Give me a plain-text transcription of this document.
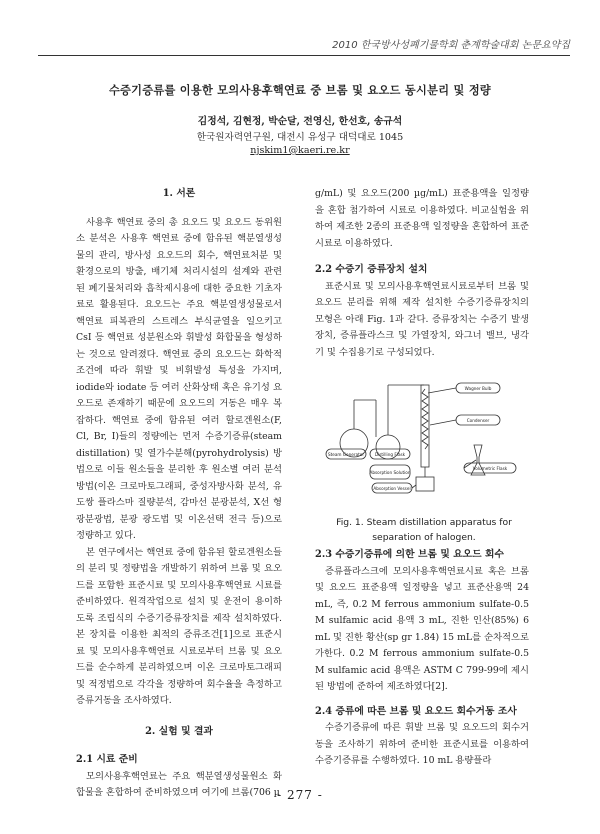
2010 한국방사성폐기물학회 춘계학술대회 논문요약집
수증기증류를 이용한 모의사용후핵연료 중 브롬 및 요오드 동시분리 및 정량
김정석, 김현정, 박순달, 전영신, 한선호, 송규석
한국원자력연구원, 대전시 유성구 대덕대로 1045
njskim1@kaeri.re.kr
1. 서론

사용후 핵연료 중의 총 요오드 및 요오드 동위원소 분석은 사용후 핵연료 중에 함유된 핵분열생성물의 관리, 방사성 요오드의 회수, 핵연료처분 및 환경으로의 방출, 배기체 처리시설의 설계와 관련된 폐기물처리와 흡착제시용에 대한 중요한 기초자료로 활용된다. 요오드는 주요 핵분열생성물로서 핵연료 피복관의 스트레스 부식균열을 일으키고 CsI 등 핵연료 성분원소와 휘발성 화합물을 형성하는 것으로 알려졌다. 핵연료 중의 요오드는 화학적 조건에 따라 휘발 및 비휘발성 특성을 가지며, iodide와 iodate 등 여러 산화상태 혹은 유기성 요오드로 존재하기 때문에 요오드의 거동은 매우 복잡하다. 핵연료 중에 함유된 여러 할로겐원소(F, Cl, Br, I)들의 정량에는 먼저 수증기증류(steam distillation) 및 열가수분해(pyrohydrolysis) 방법으로 이들 원소들을 분리한 후 원소별 여러 분석방법(이온 크로마토그래피, 중성자방사화 분석, 유도쌍 플라스마 질량분석, 감마선 분광분석, X선 형광분광법, 분광 광도법 및 이온선택 전극 등)으로 정량하고 있다.

본 연구에서는 핵연료 중에 함유된 할로겐원소들의 분리 및 정량법을 개발하기 위하여 브롬 및 요오드를 포함한 표준시료 및 모의사용후핵연료 시료를 준비하였다. 원격작업으로 설치 및 운전이 용이하도록 조립식의 수증기증류장치를 제작 설치하였다. 본 장치를 이용한 최적의 증류조건[1]으로 표준시료 및 모의사용후핵연료 시료로부터 브롬 및 요오드를 순수하게 분리하였으며 이온 크로마토그래피 및 적정법으로 각각을 정량하여 회수율을 측정하고 증류거동을 조사하였다.

2. 실험 및 결과
2.1 시료 준비

모의사용후핵연료는 주요 핵분열생성물원소 화합물을 혼합하여 준비하였으며 여기에 브롬(706 µ

g/mL) 및 요오드(200 µg/mL) 표준용액을 일정량을 혼합 첨가하여 시료로 이용하였다. 비교실험을 위하여 제조한 2종의 표준용액 일정량을 혼합하여 표준시료로 이용하였다.

2.2 수증기 증류장치 설치

표준시료 및 모의사용후핵연료시료로부터 브롬 및 요오드 분리를 위해 제작 설치한 수증기증류장치의 모형은 아래 Fig. 1과 같다. 증류장치는 수증기 발생장치, 증류플라스크 및 가열장치, 와그너 밸브, 냉각기 및 수집용기로 구성되었다.

2.3 수증기증류에 의한 브롬 및 요오드 회수

증류플라스크에 모의사용후핵연료시료 혹은 브롬 및 요오드 표준용액 일정량을 넣고 표준산용액 24 mL, 즉, 0.2 M ferrous ammonium sulfate-0.5 M sulfamic acid 용액 3 mL, 진한 인산(85%) 6 mL 및 진한 황산(sp gr 1.84) 15 mL를 순차적으로 가한다. 0.2 M ferrous ammonium sulfate-0.5 M sulfamic acid 용액은 ASTM C 799-99에 제시된 방법에 준하여 제조하였다[2].

2.4 증류에 따른 브롬 및 요오드 회수거동 조사

수증기증류에 따른 휘발 브롬 및 요오드의 회수거동을 조사하기 위하여 준비한 표준시료를 이용하여 수증기증류를 수행하였다. 10 mL 용량플라

Wagner Bulb
Condenser
Steam Generator	Distilling Flask
Absorption Solution
Absorption Vessel
Volumetric Flask
Fig. 1. Steam distillation apparatus for separation of halogen.
- 277 -
